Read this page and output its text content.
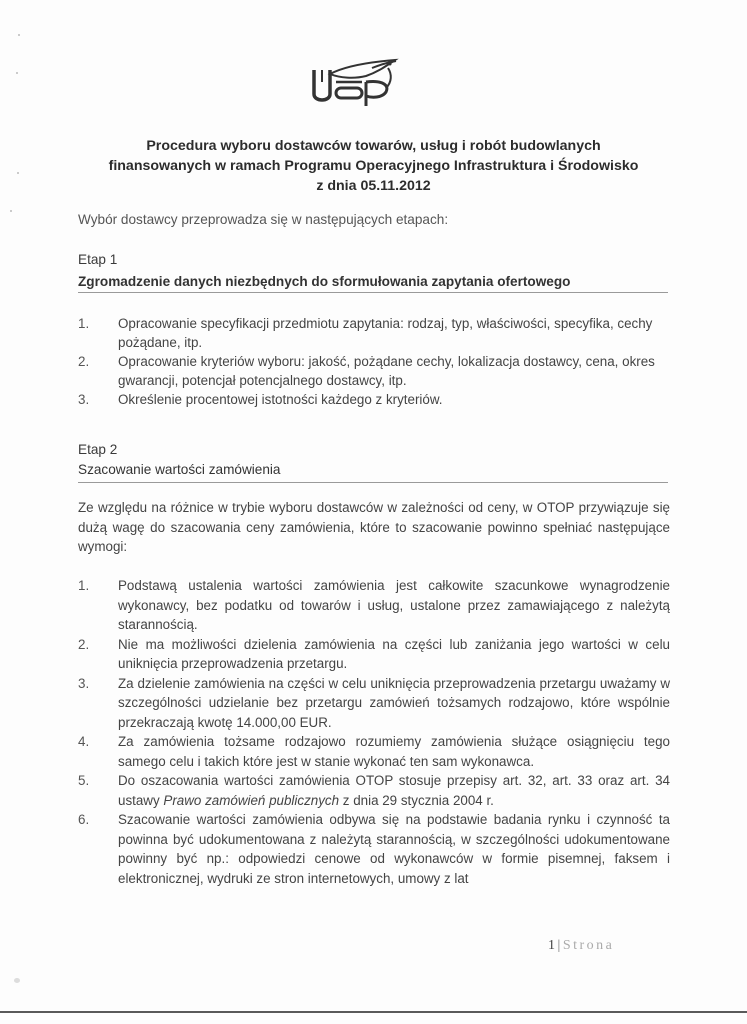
Procedura wyboru dostawców towarów, usług i robót budowlanych
finansowanych w ramach Programu Operacyjnego Infrastruktura i Środowisko
z dnia 05.11.2012
Wybór dostawcy przeprowadza się w następujących etapach:
Etap 1
Zgromadzenie danych niezbędnych do sformułowania zapytania ofertowego
1.	Opracowanie specyfikacji przedmiotu zapytania: rodzaj, typ, właściwości, specyfika, cechy pożądane, itp.
2.	Opracowanie kryteriów wyboru: jakość, pożądane cechy, lokalizacja dostawcy, cena, okres gwarancji, potencjał potencjalnego dostawcy, itp.
3.	Określenie procentowej istotności każdego z kryteriów.
Etap 2
Szacowanie wartości zamówienia
Ze względu na różnice w trybie wyboru dostawców w zależności od ceny, w OTOP przywiązuje się dużą wagę do szacowania ceny zamówienia, które to szacowanie powinno spełniać następujące wymogi:
1.	Podstawą ustalenia wartości zamówienia jest całkowite szacunkowe wynagrodzenie wykonawcy, bez podatku od towarów i usług, ustalone przez zamawiającego z należytą starannością.
2.	Nie ma możliwości dzielenia zamówienia na części lub zaniżania jego wartości w celu uniknięcia przeprowadzenia przetargu.
3.	Za dzielenie zamówienia na części w celu uniknięcia przeprowadzenia przetargu uważamy w szczególności udzielanie bez przetargu zamówień tożsamych rodzajowo, które wspólnie przekraczają kwotę 14.000,00 EUR.
4.	Za zamówienia tożsame rodzajowo rozumiemy zamówienia służące osiągnięciu tego samego celu i takich które jest w stanie wykonać ten sam wykonawca.
5.	Do oszacowania wartości zamówienia OTOP stosuje przepisy art. 32, art. 33 oraz art. 34 ustawy Prawo zamówień publicznych z dnia 29 stycznia 2004 r.
6.	Szacowanie wartości zamówienia odbywa się na podstawie badania rynku i czynność ta powinna być udokumentowana z należytą starannością, w szczególności udokumentowane powinny być np.: odpowiedzi cenowe od wykonawców w formie pisemnej, faksem i elektronicznej, wydruki ze stron internetowych, umowy z lat
1 | Strona
